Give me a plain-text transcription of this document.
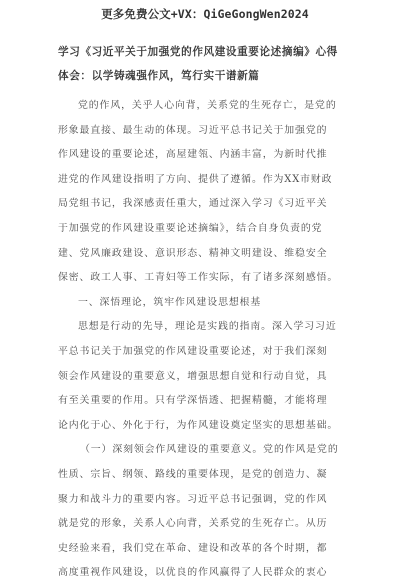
更多免费公文+VX：QiGeGongWen2024
学习《习近平关于加强党的作风建设重要论述摘编》心得
体会：以学铸魂强作风，笃行实干谱新篇
党的作风，关乎人心向背，关系党的生死存亡，是党的
形象最直接、最生动的体现。习近平总书记关于加强党的
作风建设的重要论述，高屋建瓴、内涵丰富，为新时代推
进党的作风建设指明了方向、提供了遵循。作为XX市财政
局党组书记，我深感责任重大，通过深入学习《习近平关
于加强党的作风建设重要论述摘编》，结合自身负责的党
建、党风廉政建设、意识形态、精神文明建设、维稳安全
保密、政工人事、工青妇等工作实际，有了诸多深刻感悟。
一、深悟理论，筑牢作风建设思想根基
思想是行动的先导，理论是实践的指南。深入学习习近
平总书记关于加强党的作风建设重要论述，对于我们深刻
领会作风建设的重要意义，增强思想自觉和行动自觉，具
有至关重要的作用。只有学深悟透、把握精髓，才能将理
论内化于心、外化于行，为作风建设奠定坚实的思想基础。
（一）深刻领会作风建设的重要意义。党的作风是党的
性质、宗旨、纲领、路线的重要体现，是党的创造力、凝
聚力和战斗力的重要内容。习近平总书记强调，党的作风
就是党的形象，关系人心向背，关系党的生死存亡。从历
史经验来看，我们党在革命、建设和改革的各个时期，都
高度重视作风建设，以优良的作风赢得了人民群众的衷心
